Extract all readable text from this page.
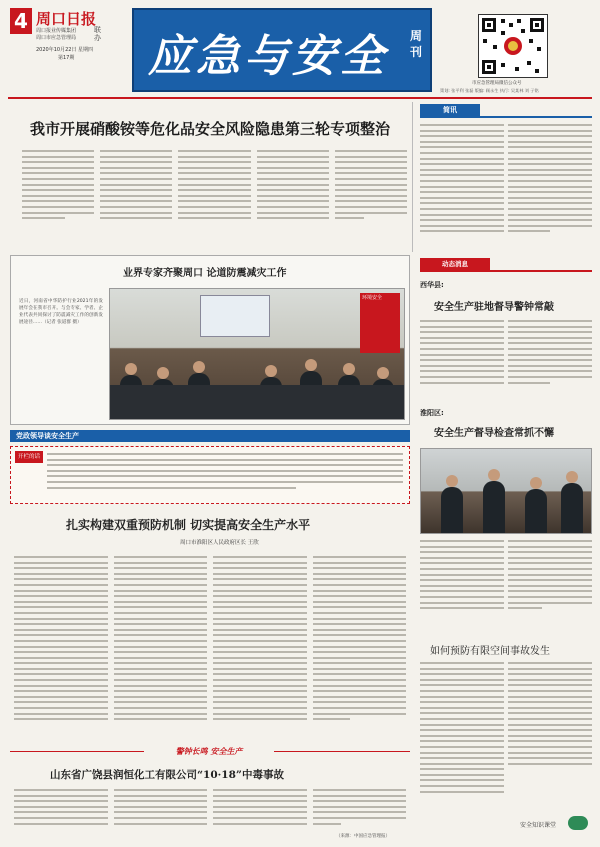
4 周口日报
周口报业传媒集团
周口市应急管理局
联办
2020年10月22日 星期四
第17期 应急与安全 周刊
市应急管理局微信公众号
策划: 张平利 张磊 版编: 顾永生 执行: 吴某林 刘 子铭
我市开展硝酸铵等危化品安全风险隐患第三轮专项整治
简讯
业界专家齐聚周口 论道防震减灾工作
近日，河南省中华防护行业2021年的发展年会在我市召开。与会专家、学者、企业代表共同探讨了防震减灾工作的创新发展途径……（记者 张道群 摄）
环境安全
动态消息
西华县:
安全生产驻地督导警钟常敲
淮阳区:
安全生产督导检查常抓不懈
党政领导谈安全生产
开栏的话
扎实构建双重预防机制 切实提高安全生产水平
周口市淮阳区人民政府区长 王欣
如何预防有限空间事故发生
安全知识课堂
警钟长鸣 安全生产
山东省广饶县润恒化工有限公司“10·18”中毒事故
（来源：中国应急管理报）
